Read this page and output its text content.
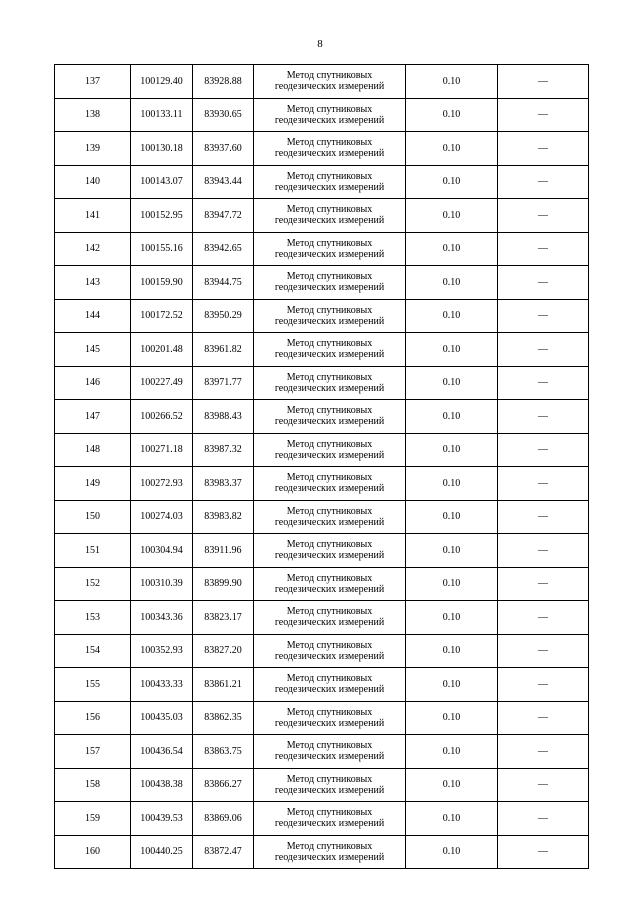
8
137	100129.40	83928.88	Метод спутниковых геодезических измерений	0.10	—
138	100133.11	83930.65	Метод спутниковых геодезических измерений	0.10	—
139	100130.18	83937.60	Метод спутниковых геодезических измерений	0.10	—
140	100143.07	83943.44	Метод спутниковых геодезических измерений	0.10	—
141	100152.95	83947.72	Метод спутниковых геодезических измерений	0.10	—
142	100155.16	83942.65	Метод спутниковых геодезических измерений	0.10	—
143	100159.90	83944.75	Метод спутниковых геодезических измерений	0.10	—
144	100172.52	83950.29	Метод спутниковых геодезических измерений	0.10	—
145	100201.48	83961.82	Метод спутниковых геодезических измерений	0.10	—
146	100227.49	83971.77	Метод спутниковых геодезических измерений	0.10	—
147	100266.52	83988.43	Метод спутниковых геодезических измерений	0.10	—
148	100271.18	83987.32	Метод спутниковых геодезических измерений	0.10	—
149	100272.93	83983.37	Метод спутниковых геодезических измерений	0.10	—
150	100274.03	83983.82	Метод спутниковых геодезических измерений	0.10	—
151	100304.94	83911.96	Метод спутниковых геодезических измерений	0.10	—
152	100310.39	83899.90	Метод спутниковых геодезических измерений	0.10	—
153	100343.36	83823.17	Метод спутниковых геодезических измерений	0.10	—
154	100352.93	83827.20	Метод спутниковых геодезических измерений	0.10	—
155	100433.33	83861.21	Метод спутниковых геодезических измерений	0.10	—
156	100435.03	83862.35	Метод спутниковых геодезических измерений	0.10	—
157	100436.54	83863.75	Метод спутниковых геодезических измерений	0.10	—
158	100438.38	83866.27	Метод спутниковых геодезических измерений	0.10	—
159	100439.53	83869.06	Метод спутниковых геодезических измерений	0.10	—
160	100440.25	83872.47	Метод спутниковых геодезических измерений	0.10	—
